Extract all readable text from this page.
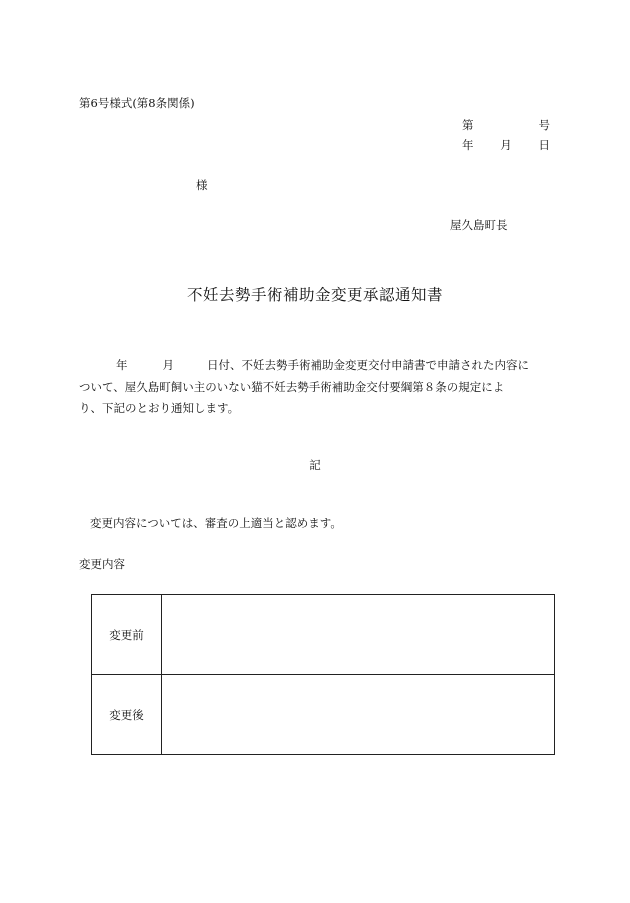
第6号様式(第8条関係)
第	号
年 月 日
様
屋久島町長
不妊去勢手術補助金変更承認通知書
年	月	日付、不妊去勢手術補助金変更交付申請書で申請された内容に
ついて、屋久島町飼い主のいない猫不妊去勢手術補助金交付要綱第８条の規定によ
り、下記のとおり通知します。
記
変更内容については、審査の上適当と認めます。
変更内容
変更前	
変更後	
